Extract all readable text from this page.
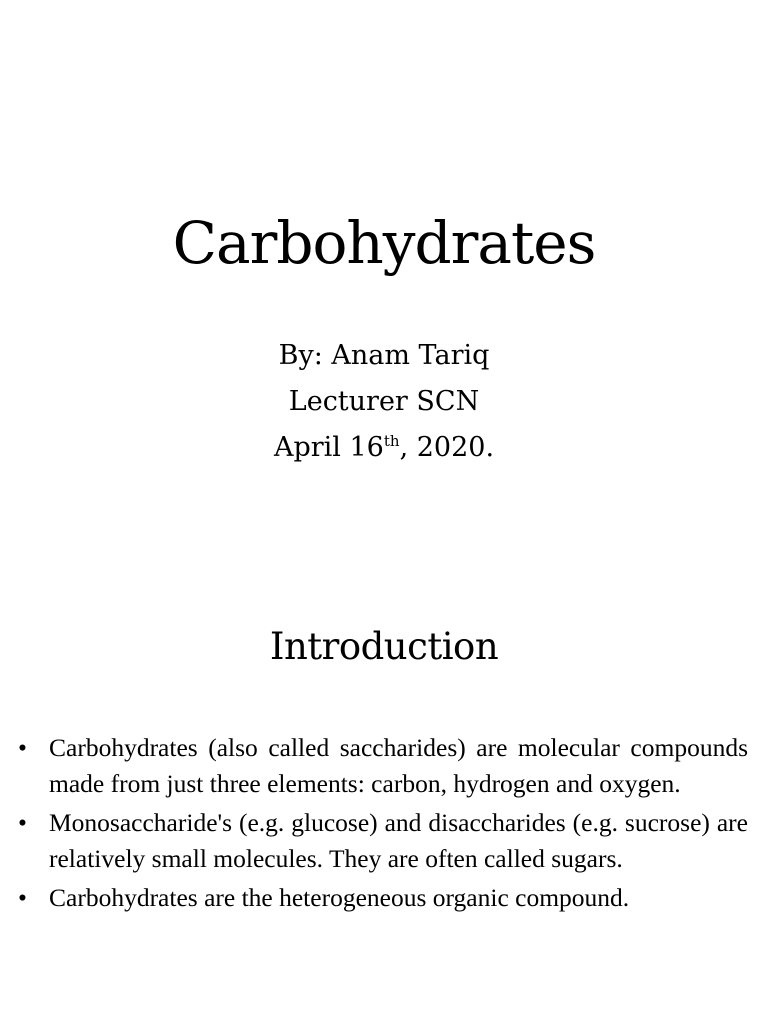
Carbohydrates
By: Anam Tariq
Lecturer SCN
April 16th, 2020.
Introduction
• Carbohydrates (also called saccharides) are molecular compounds made from just three elements: carbon, hydrogen and oxygen.
• Monosaccharide's (e.g. glucose) and disaccharides (e.g. sucrose) are relatively small molecules. They are often called sugars.
• Carbohydrates are the heterogeneous organic compound.
